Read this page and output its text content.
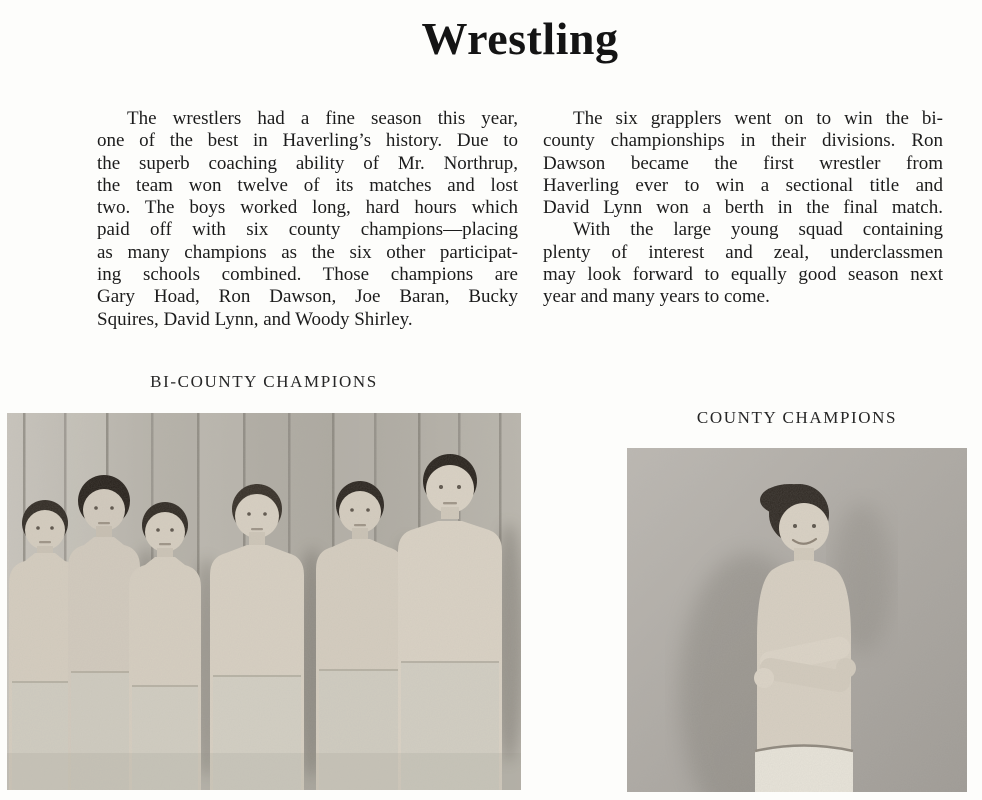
Wrestling
The wrestlers had a fine season this year,
one of the best in Haverling’s history. Due to
the superb coaching ability of Mr. Northrup,
the team won twelve of its matches and lost
two. The boys worked long, hard hours which
paid off with six county champions—placing
as many champions as the six other participat-
ing schools combined. Those champions are
Gary Hoad, Ron Dawson, Joe Baran, Bucky
Squires, David Lynn, and Woody Shirley.
The six grapplers went on to win the bi-
county championships in their divisions. Ron
Dawson became the first wrestler from
Haverling ever to win a sectional title and
David Lynn won a berth in the final match.
With the large young squad containing
plenty of interest and zeal, underclassmen
may look forward to equally good season next
year and many years to come.
BI-COUNTY CHAMPIONS
COUNTY CHAMPIONS
